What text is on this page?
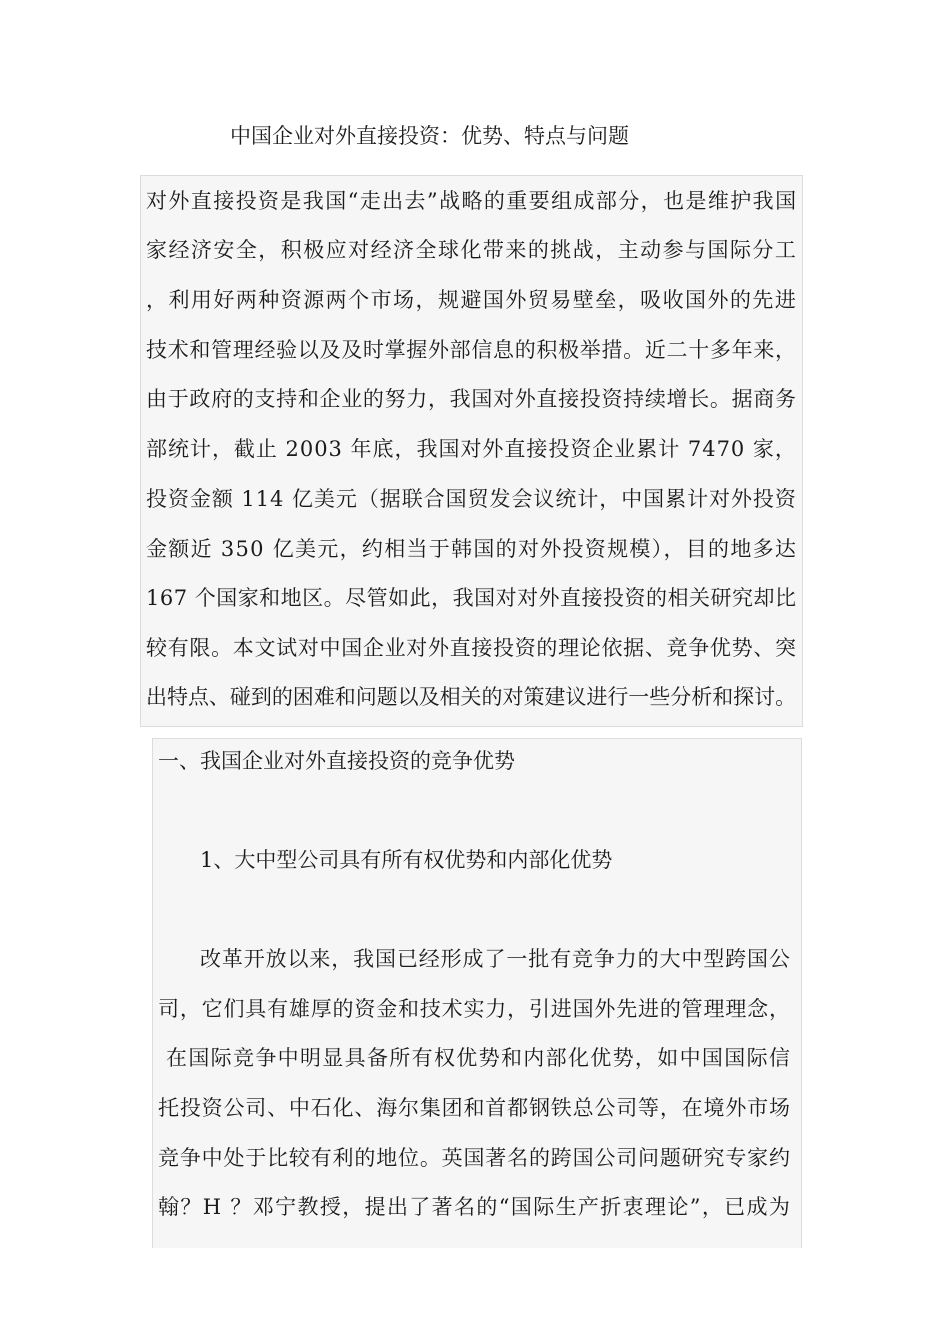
中国企业对外直接投资：优势、特点与问题
对外直接投资是我国“走出去”战略的重要组成部分，也是维护我国
家经济安全，积极应对经济全球化带来的挑战，主动参与国际分工
，利用好两种资源两个市场，规避国外贸易壁垒，吸收国外的先进
技术和管理经验以及及时掌握外部信息的积极举措。近二十多年来，
由于政府的支持和企业的努力，我国对外直接投资持续增长。据商务
部统计，截止 2003 年底，我国对外直接投资企业累计 7470 家，
投资金额 114 亿美元（据联合国贸发会议统计，中国累计对外投资
金额近 350 亿美元，约相当于韩国的对外投资规模），目的地多达
167 个国家和地区。尽管如此，我国对对外直接投资的相关研究却比
较有限。本文试对中国企业对外直接投资的理论依据、竞争优势、突
出特点、碰到的困难和问题以及相关的对策建议进行一些分析和探讨。
一、我国企业对外直接投资的竞争优势
1、大中型公司具有所有权优势和内部化优势
改革开放以来，我国已经形成了一批有竞争力的大中型跨国公
司，它们具有雄厚的资金和技术实力，引进国外先进的管理理念，
在国际竞争中明显具备所有权优势和内部化优势，如中国国际信
托投资公司、中石化、海尔集团和首都钢铁总公司等，在境外市场
竞争中处于比较有利的地位。英国著名的跨国公司问题研究专家约
翰？H ？邓宁教授，提出了著名的“国际生产折衷理论”，已成为
